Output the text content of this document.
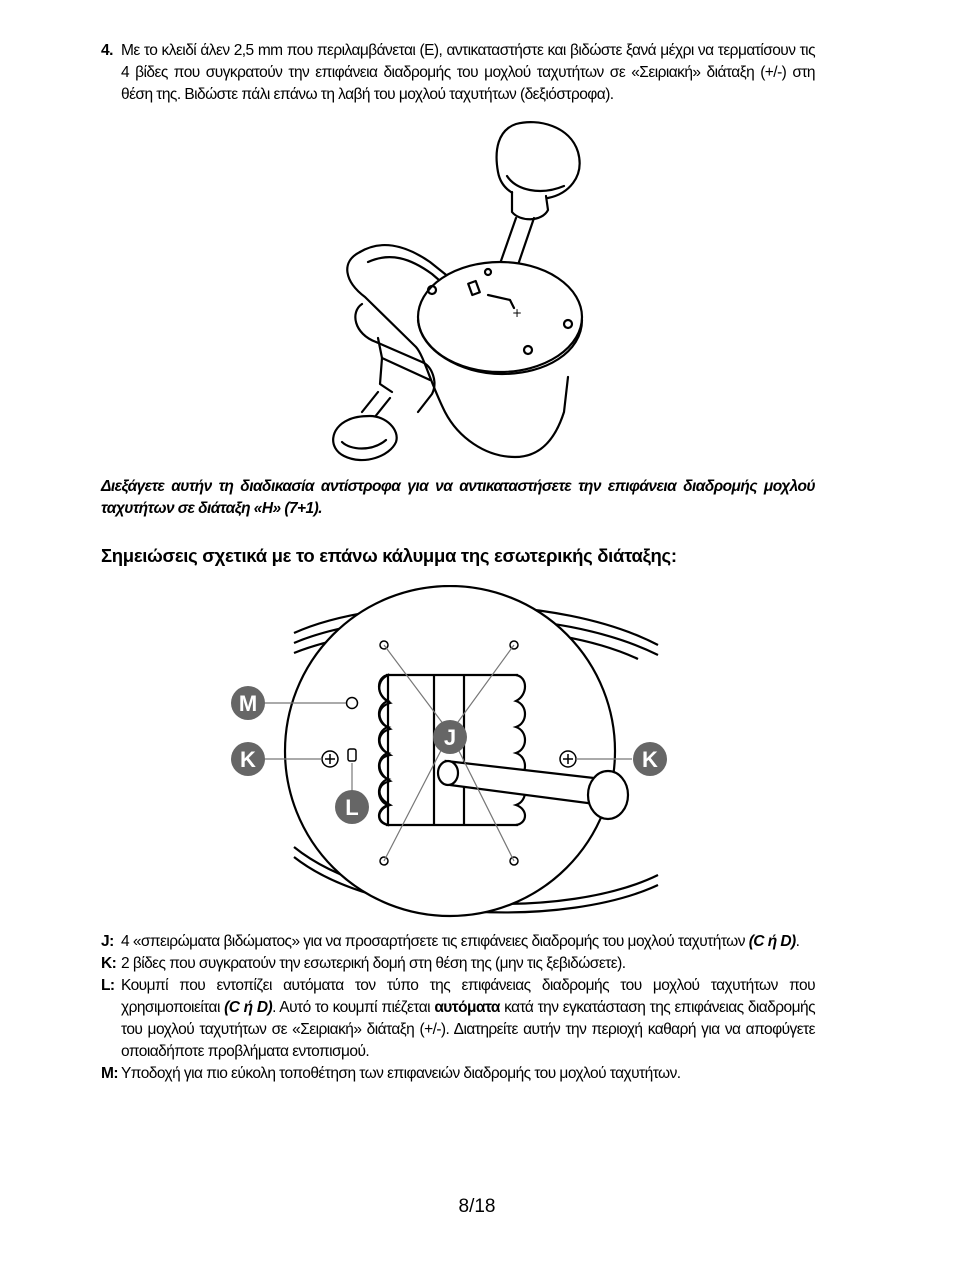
4. Με το κλειδί άλεν 2,5 mm που περιλαμβάνεται (E), αντικαταστήστε και βιδώστε ξανά μέχρι να τερματίσουν τις 4 βίδες που συγκρατούν την επιφάνεια διαδρομής του μοχλού ταχυτήτων σε «Σειριακή» διάταξη (+/-) στη θέση της. Βιδώστε πάλι επάνω τη λαβή του μοχλού ταχυτήτων (δεξιόστροφα).
+
Διεξάγετε αυτήν τη διαδικασία αντίστροφα για να αντικαταστήσετε την επιφάνεια διαδρομής μοχλού ταχυτήτων σε διάταξη «H» (7+1).
Σημειώσεις σχετικά με το επάνω κάλυμμα της εσωτερικής διάταξης:
M
K
J
K
L
J: 4 «σπειρώματα βιδώματος» για να προσαρτήσετε τις επιφάνειες διαδρομής του μοχλού ταχυτήτων (C ή D).
K: 2 βίδες που συγκρατούν την εσωτερική δομή στη θέση της (μην τις ξεβιδώσετε).
L: Κουμπί που εντοπίζει αυτόματα τον τύπο της επιφάνειας διαδρομής του μοχλού ταχυτήτων που χρησιμοποιείται (C ή D). Αυτό το κουμπί πιέζεται αυτόματα κατά την εγκατάσταση της επιφάνειας διαδρομής του μοχλού ταχυτήτων σε «Σειριακή» διάταξη (+/-). Διατηρείτε αυτήν την περιοχή καθαρή για να αποφύγετε οποιαδήποτε προβλήματα εντοπισμού.
M: Υποδοχή για πιο εύκολη τοποθέτηση των επιφανειών διαδρομής του μοχλού ταχυτήτων.
8/18
